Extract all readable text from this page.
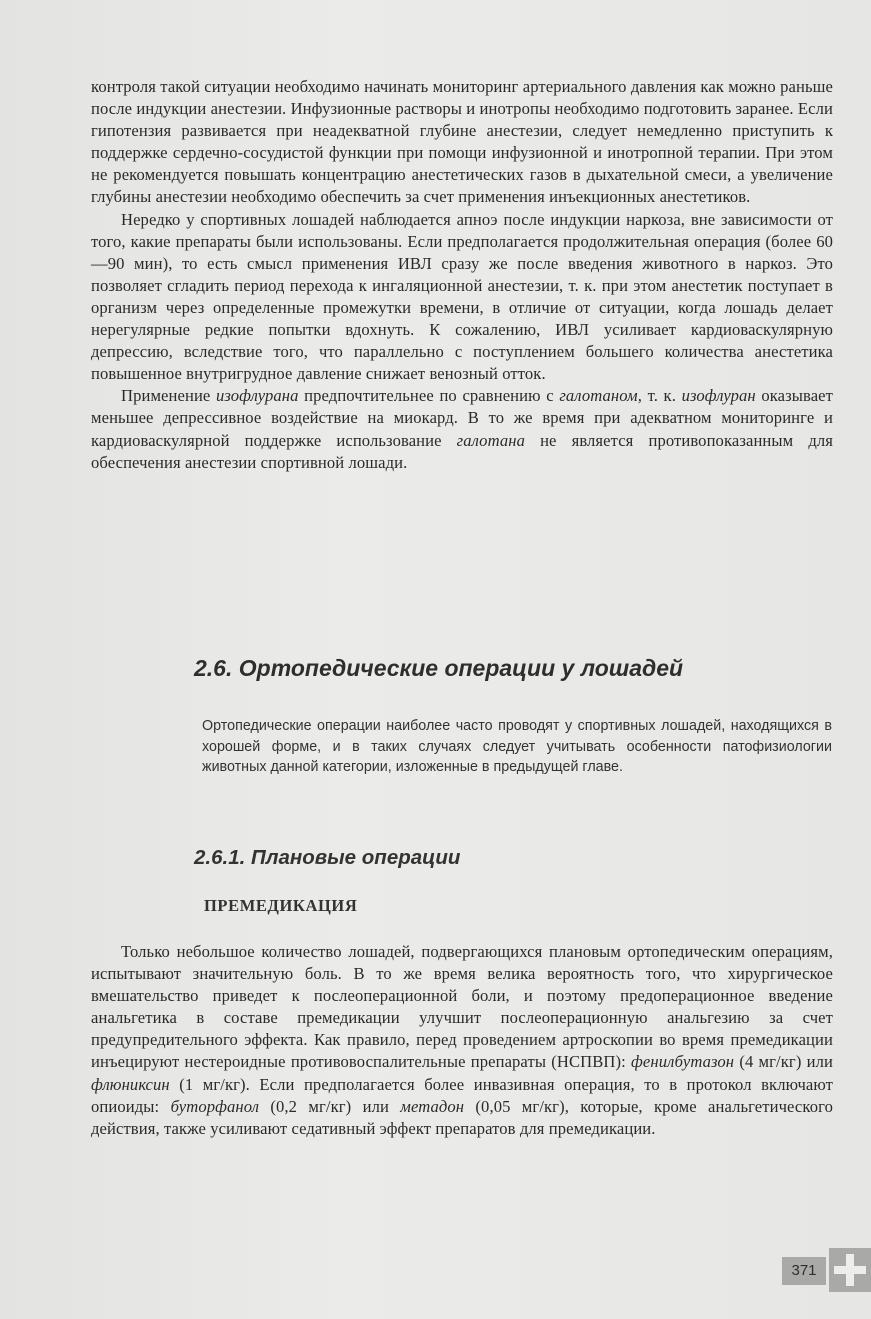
контроля такой ситуации необходимо начинать мониторинг артериального давления как можно раньше после индукции анестезии. Инфузионные растворы и инотропы необходимо подготовить заранее. Если гипотензия развивается при неадекватной глубине анестезии, следует немедленно приступить к поддержке сердечно-сосудистой функции при помощи инфузионной и инотропной терапии. При этом не рекомендуется повышать концентрацию анестетических газов в дыхательной смеси, а увеличение глубины анестезии необходимо обеспечить за счет применения инъекционных анестетиков.

Нередко у спортивных лошадей наблюдается апноэ после индукции наркоза, вне зависимости от того, какие препараты были использованы. Если предполагается продолжительная операция (более 60—90 мин), то есть смысл применения ИВЛ сразу же после введения животного в наркоз. Это позволяет сгладить период перехода к ингаляционной анестезии, т. к. при этом анестетик поступает в организм через определенные промежутки времени, в отличие от ситуации, когда лошадь делает нерегулярные редкие попытки вдохнуть. К сожалению, ИВЛ усиливает кардиоваскулярную депрессию, вследствие того, что параллельно с поступлением большего количества анестетика повышенное внутригрудное давление снижает венозный отток.

Применение изофлурана предпочтительнее по сравнению с галотаном, т. к. изофлуран оказывает меньшее депрессивное воздействие на миокард. В то же время при адекватном мониторинге и кардиоваскулярной поддержке использование галотана не является противопоказанным для обеспечения анестезии спортивной лошади.

2.6. Ортопедические операции у лошадей

Ортопедические операции наиболее часто проводят у спортивных лошадей, находящихся в хорошей форме, и в таких случаях следует учитывать особенности патофизиологии животных данной категории, изложенные в предыдущей главе.

2.6.1. Плановые операции
ПРЕМЕДИКАЦИЯ

Только небольшое количество лошадей, подвергающихся плановым ортопедическим операциям, испытывают значительную боль. В то же время велика вероятность того, что хирургическое вмешательство приведет к послеоперационной боли, и поэтому предоперационное введение анальгетика в составе премедикации улучшит послеоперационную анальгезию за счет предупредительного эффекта. Как правило, перед проведением артроскопии во время премедикации инъецируют нестероидные противовоспалительные препараты (НСПВП): фенилбутазон (4 мг/кг) или флюниксин (1 мг/кг). Если предполагается более инвазивная операция, то в протокол включают опиоиды: буторфанол (0,2 мг/кг) или метадон (0,05 мг/кг), которые, кроме анальгетического действия, также усиливают седативный эффект препаратов для премедикации.

371
